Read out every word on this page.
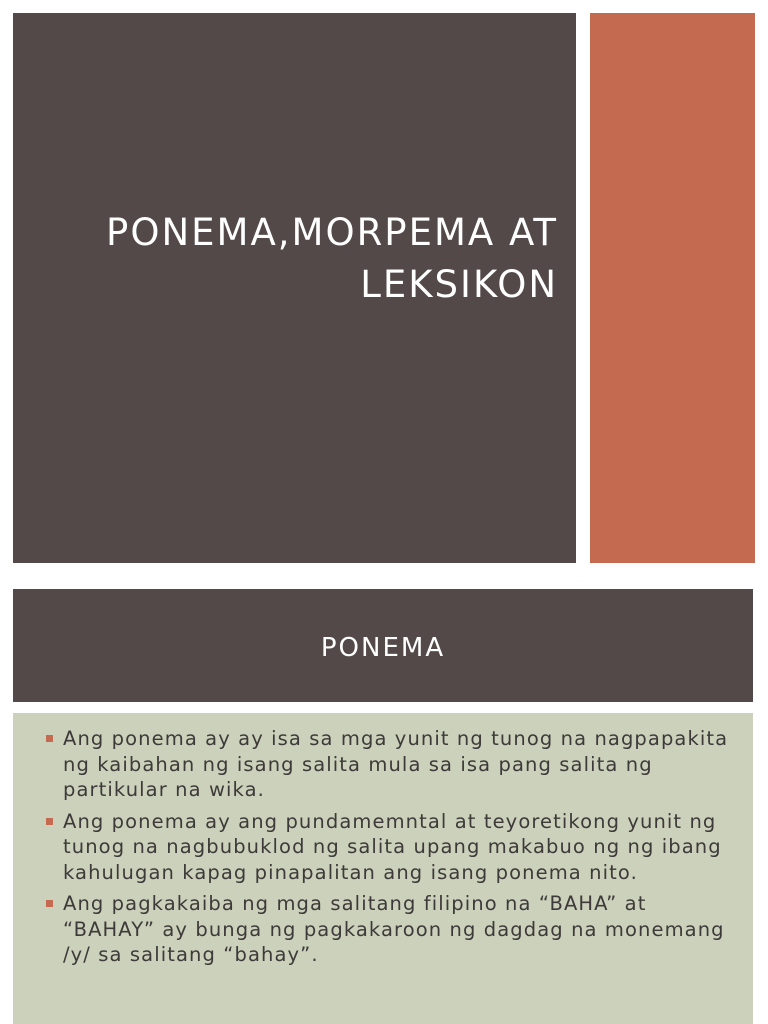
PONEMA,MORPEMA AT
LEKSIKON
PONEMA
Ang ponema ay ay isa sa mga yunit ng tunog na nagpapakita ng kaibahan ng isang salita mula sa isa pang salita ng partikular na wika.
Ang ponema ay ang pundamemntal at teyoretikong yunit ng tunog na nagbubuklod ng salita upang makabuo ng ng ibang kahulugan kapag pinapalitan ang isang ponema nito.
Ang pagkakaiba ng mga salitang filipino na “BAHA” at “BAHAY” ay bunga ng pagkakaroon ng dagdag na monemang /y/ sa salitang “bahay”.
